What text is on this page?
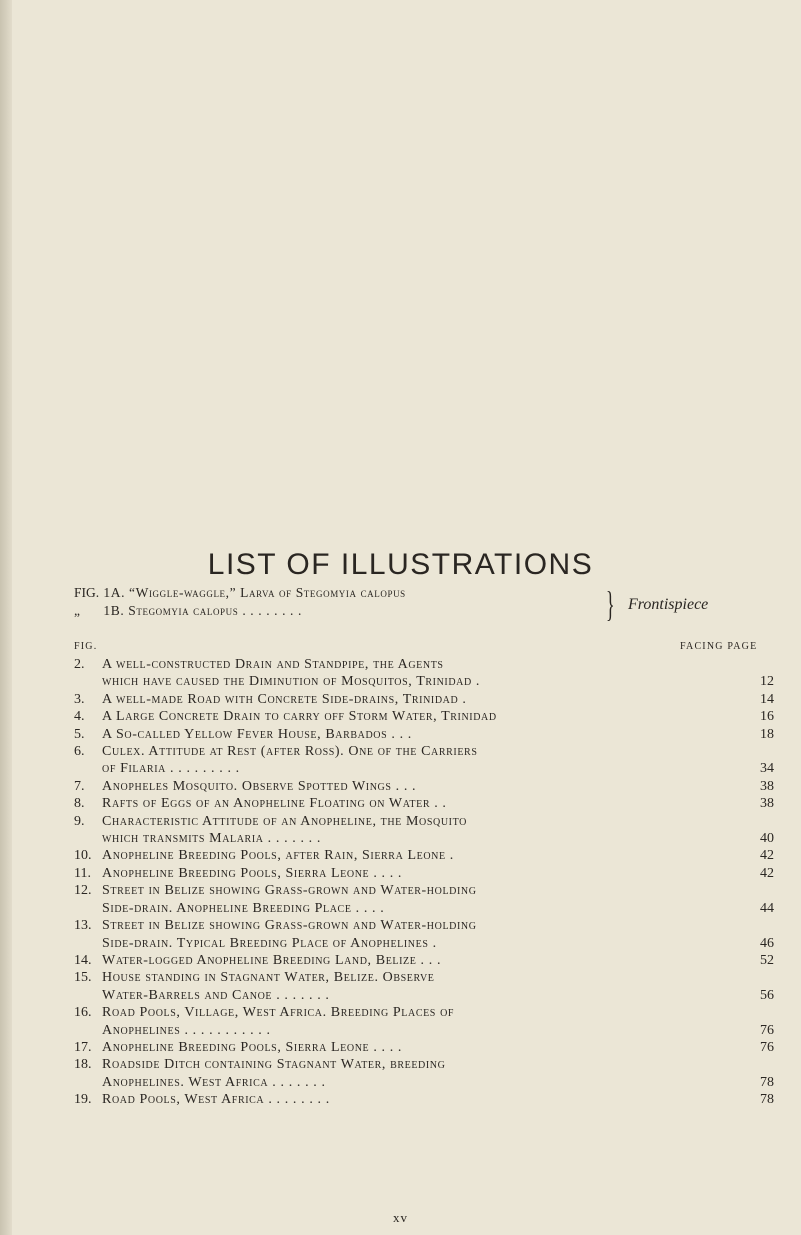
LIST OF ILLUSTRATIONS
FIG. 1A. “Wiggle-waggle,” Larva of Stegomyia calopus
„ 1B. Stegomyia calopus . . . . . . . .	} Frontispiece
FIG.	FACING PAGE
2. A well-constructed Drain and Standpipe, the Agents
which have caused the Diminution of Mosquitos, Trinidad .	12
3. A well-made Road with Concrete Side-drains, Trinidad .	14
4. A Large Concrete Drain to carry off Storm Water, Trinidad	16
5. A So-called Yellow Fever House, Barbados . . .	18
6. Culex. Attitude at Rest (after Ross). One of the Carriers
of Filaria . . . . . . . . .	34
7. Anopheles Mosquito. Observe Spotted Wings . . .	38
8. Rafts of Eggs of an Anopheline Floating on Water . .	38
9. Characteristic Attitude of an Anopheline, the Mosquito
which transmits Malaria . . . . . . .	40
10. Anopheline Breeding Pools, after Rain, Sierra Leone .	42
11. Anopheline Breeding Pools, Sierra Leone . . . .	42
12. Street in Belize showing Grass-grown and Water-holding
Side-drain. Anopheline Breeding Place . . . .	44
13. Street in Belize showing Grass-grown and Water-holding
Side-drain. Typical Breeding Place of Anophelines .	46
14. Water-logged Anopheline Breeding Land, Belize . . .	52
15. House standing in Stagnant Water, Belize. Observe
Water-Barrels and Canoe . . . . . . .	56
16. Road Pools, Village, West Africa. Breeding Places of
Anophelines . . . . . . . . . . .	76
17. Anopheline Breeding Pools, Sierra Leone . . . .	76
18. Roadside Ditch containing Stagnant Water, breeding
Anophelines. West Africa . . . . . . .	78
19. Road Pools, West Africa . . . . . . . .	78
xv
